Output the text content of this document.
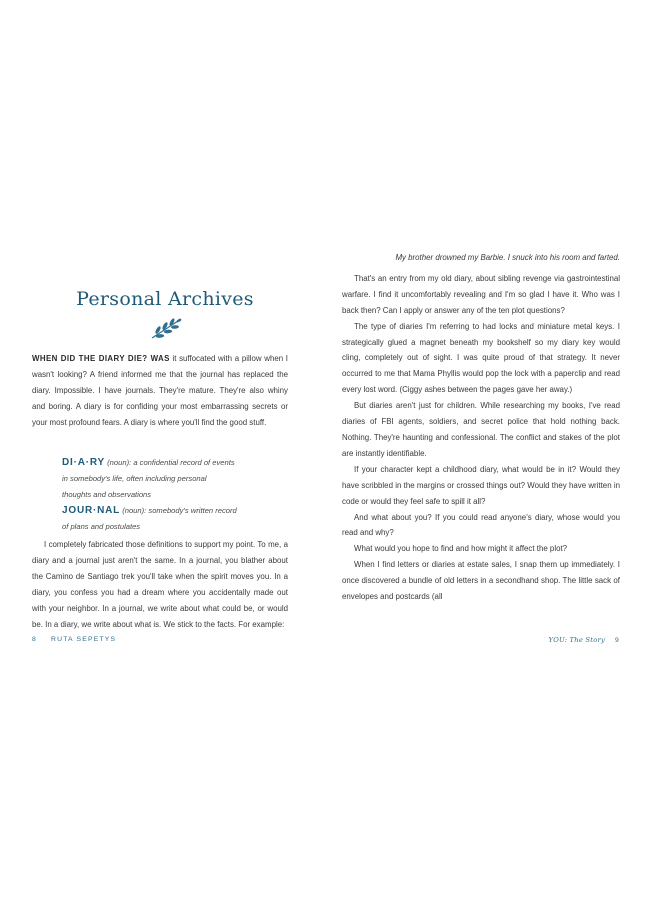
Personal Archives
WHEN DID THE DIARY DIE? WAS it suffocated with a pillow when I wasn't looking? A friend informed me that the journal has replaced the diary. Impossible. I have journals. They're mature. They're also whiny and boring. A diary is for confiding your most embarrassing secrets or your most profound fears. A diary is where you'll find the good stuff.
DI·A·RY (noun): a confidential record of events
in somebody's life, often including personal
thoughts and observations
JOUR·NAL (noun): somebody's written record
of plans and postulates

I completely fabricated those definitions to support my point. To me, a diary and a journal just aren't the same. In a journal, you blather about the Camino de Santiago trek you'll take when the spirit moves you. In a diary, you confess you had a dream where you accidentally made out with your neighbor. In a journal, we write about what could be, or would be. In a diary, we write about what is. We stick to the facts. For example:

8 RUTA SEPETYS

My brother drowned my Barbie. I snuck into his room and farted.

That's an entry from my old diary, about sibling revenge via gastrointestinal warfare. I find it uncomfortably revealing and I'm so glad I have it. Who was I back then? Can I apply or answer any of the ten plot questions?

The type of diaries I'm referring to had locks and miniature metal keys. I strategically glued a magnet beneath my bookshelf so my diary key would cling, completely out of sight. I was quite proud of that strategy. It never occurred to me that Mama Phyllis would pop the lock with a paperclip and read every lost word. (Ciggy ashes between the pages gave her away.)

But diaries aren't just for children. While researching my books, I've read diaries of FBI agents, soldiers, and secret police that hold nothing back. Nothing. They're haunting and confessional. The conflict and stakes of the plot are instantly identifiable.

If your character kept a childhood diary, what would be in it? Would they have scribbled in the margins or crossed things out? Would they have written in code or would they feel safe to spill it all?

And what about you? If you could read anyone's diary, whose would you read and why?

What would you hope to find and how might it affect the plot?

When I find letters or diaries at estate sales, I snap them up immediately. I once discovered a bundle of old letters in a secondhand shop. The little sack of envelopes and postcards (all

YOU: The Story 9
